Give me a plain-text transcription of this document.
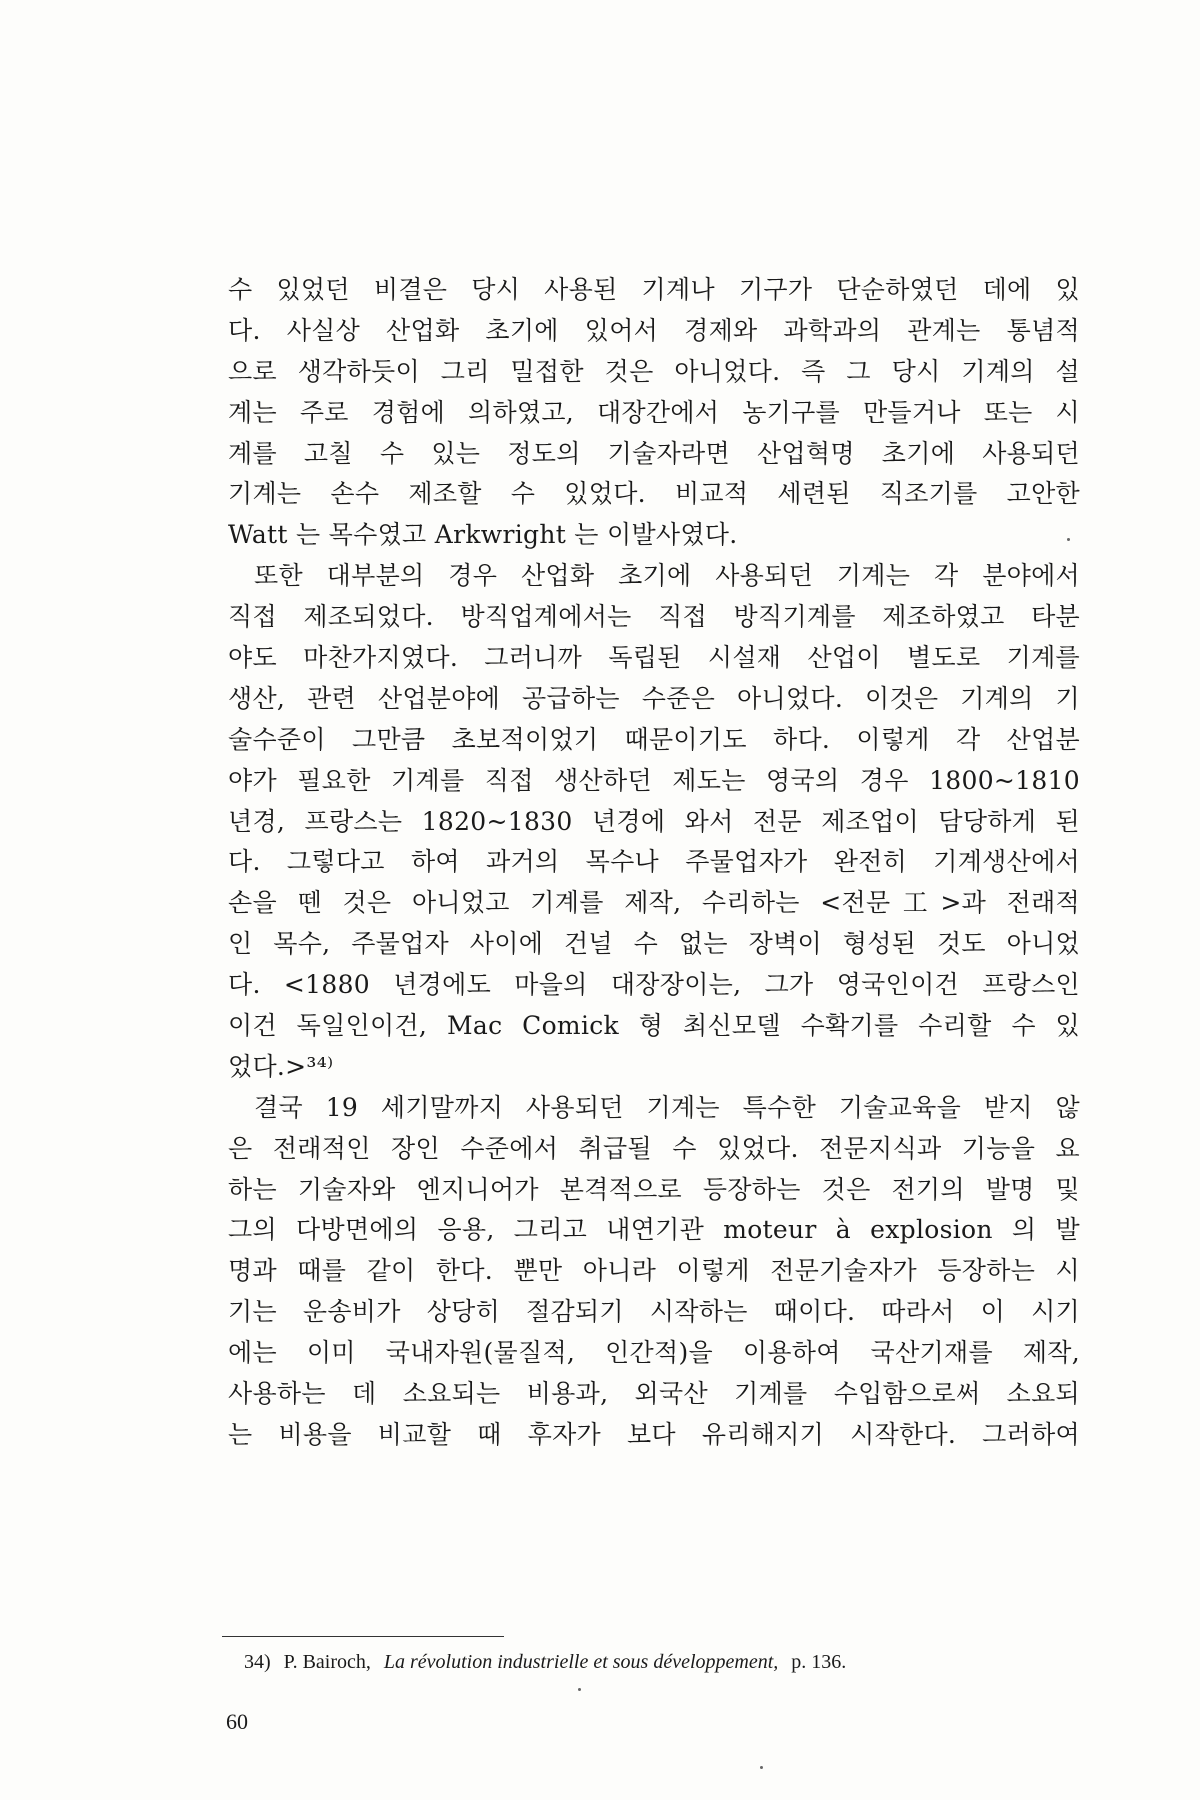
수 있었던 비결은 당시 사용된 기계나 기구가 단순하였던 데에 있
다. 사실상 산업화 초기에 있어서 경제와 과학과의 관계는 통념적
으로 생각하듯이 그리 밀접한 것은 아니었다. 즉 그 당시 기계의 설
계는 주로 경험에 의하였고, 대장간에서 농기구를 만들거나 또는 시
계를 고칠 수 있는 정도의 기술자라면 산업혁명 초기에 사용되던
기계는 손수 제조할 수 있었다. 비교적 세련된 직조기를 고안한
Watt 는 목수였고 Arkwright 는 이발사였다.
또한 대부분의 경우 산업화 초기에 사용되던 기계는 각 분야에서
직접 제조되었다. 방직업계에서는 직접 방직기계를 제조하였고 타분
야도 마찬가지였다. 그러니까 독립된 시설재 산업이 별도로 기계를
생산, 관련 산업분야에 공급하는 수준은 아니었다. 이것은 기계의 기
술수준이 그만큼 초보적이었기 때문이기도 하다. 이렇게 각 산업분
야가 필요한 기계를 직접 생산하던 제도는 영국의 경우 1800~1810
년경, 프랑스는 1820~1830 년경에 와서 전문 제조업이 담당하게 된
다. 그렇다고 하여 과거의 목수나 주물업자가 완전히 기계생산에서
손을 뗀 것은 아니었고 기계를 제작, 수리하는 <전문工>과 전래적
인 목수, 주물업자 사이에 건널 수 없는 장벽이 형성된 것도 아니었
다. <1880 년경에도 마을의 대장장이는, 그가 영국인이건 프랑스인
이건 독일인이건, Mac Comick 형 최신모델 수확기를 수리할 수 있
었다.>³⁴⁾
결국 19 세기말까지 사용되던 기계는 특수한 기술교육을 받지 않
은 전래적인 장인 수준에서 취급될 수 있었다. 전문지식과 기능을 요
하는 기술자와 엔지니어가 본격적으로 등장하는 것은 전기의 발명 및
그의 다방면에의 응용, 그리고 내연기관 moteur à explosion 의 발
명과 때를 같이 한다. 뿐만 아니라 이렇게 전문기술자가 등장하는 시
기는 운송비가 상당히 절감되기 시작하는 때이다. 따라서 이 시기
에는 이미 국내자원(물질적, 인간적)을 이용하여 국산기재를 제작,
사용하는 데 소요되는 비용과, 외국산 기계를 수입함으로써 소요되
는 비용을 비교할 때 후자가 보다 유리해지기 시작한다. 그러하여
34) P. Bairoch, La révolution industrielle et sous développement, p. 136.
60
